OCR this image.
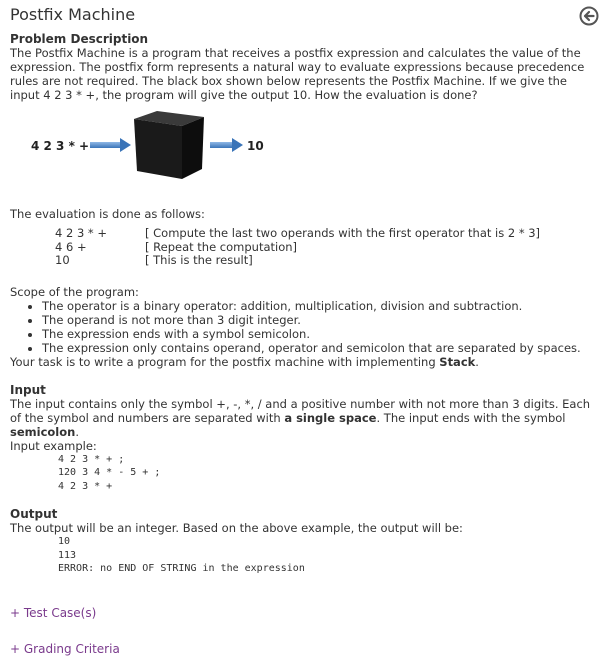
Postfix Machine
Problem Description

The Postfix Machine is a program that receives a postfix expression and calculates the value of the expression. The postfix form represents a natural way to evaluate expressions because precedence rules are not required. The black box shown below represents the Postfix Machine. If we give the input 4 2 3 * +, the program will give the output 10. How the evaluation is done?

4 2 3 * +	10

The evaluation is done as follows:

4 2 3 * +	[ Compute the last two operands with the first operator that is 2 * 3]
4 6 +	[ Repeat the computation]
10	[ This is the result]

Scope of the program:

• The operator is a binary operator: addition, multiplication, division and subtraction.
• The operand is not more than 3 digit integer.
• The expression ends with a symbol semicolon.
• The expression only contains operand, operator and semicolon that are separated by spaces.

Your task is to write a program for the postfix machine with implementing Stack.

Input

The input contains only the symbol +, -, *, / and a positive number with not more than 3 digits. Each of the symbol and numbers are separated with a single space. The input ends with the symbol semicolon.

Input example:

4 2 3 * + ;
120 3 4 * - 5 + ;
4 2 3 * +
Output

The output will be an integer. Based on the above example, the output will be:

10
113
ERROR: no END OF STRING in the expression
+ Test Case(s)
+ Grading Criteria
